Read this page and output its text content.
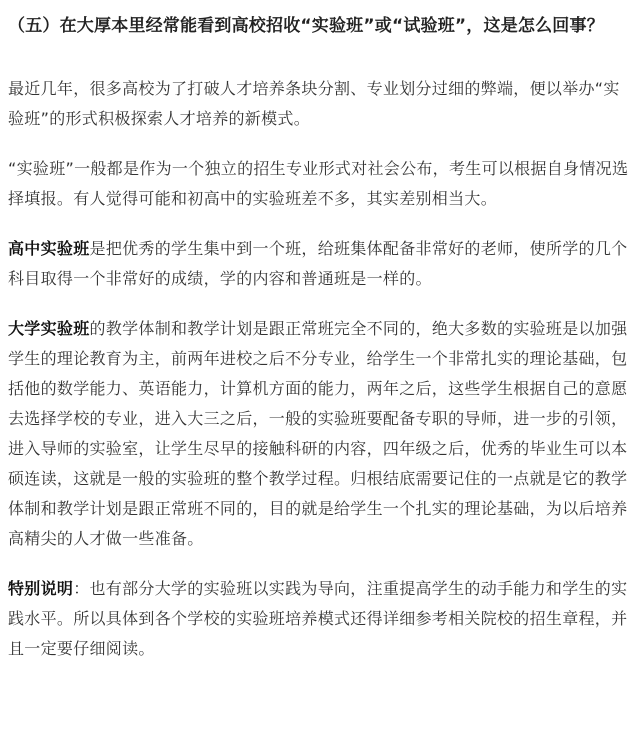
（五）在大厚本里经常能看到高校招收“实验班”或“试验班”，这是怎么回事？

最近几年，很多高校为了打破人才培养条块分割、专业划分过细的弊端，便以举办“实验班”的形式积极探索人才培养的新模式。

“实验班”一般都是作为一个独立的招生专业形式对社会公布，考生可以根据自身情况选择填报。有人觉得可能和初高中的实验班差不多，其实差别相当大。

高中实验班是把优秀的学生集中到一个班，给班集体配备非常好的老师，使所学的几个科目取得一个非常好的成绩，学的内容和普通班是一样的。

大学实验班的教学体制和教学计划是跟正常班完全不同的，绝大多数的实验班是以加强学生的理论教育为主，前两年进校之后不分专业，给学生一个非常扎实的理论基础，包括他的数学能力、英语能力，计算机方面的能力，两年之后，这些学生根据自己的意愿去选择学校的专业，进入大三之后，一般的实验班要配备专职的导师，进一步的引领，进入导师的实验室，让学生尽早的接触科研的内容，四年级之后，优秀的毕业生可以本硕连读，这就是一般的实验班的整个教学过程。归根结底需要记住的一点就是它的教学体制和教学计划是跟正常班不同的，目的就是给学生一个扎实的理论基础，为以后培养高精尖的人才做一些准备。

特别说明：也有部分大学的实验班以实践为导向，注重提高学生的动手能力和学生的实践水平。所以具体到各个学校的实验班培养模式还得详细参考相关院校的招生章程，并且一定要仔细阅读。
